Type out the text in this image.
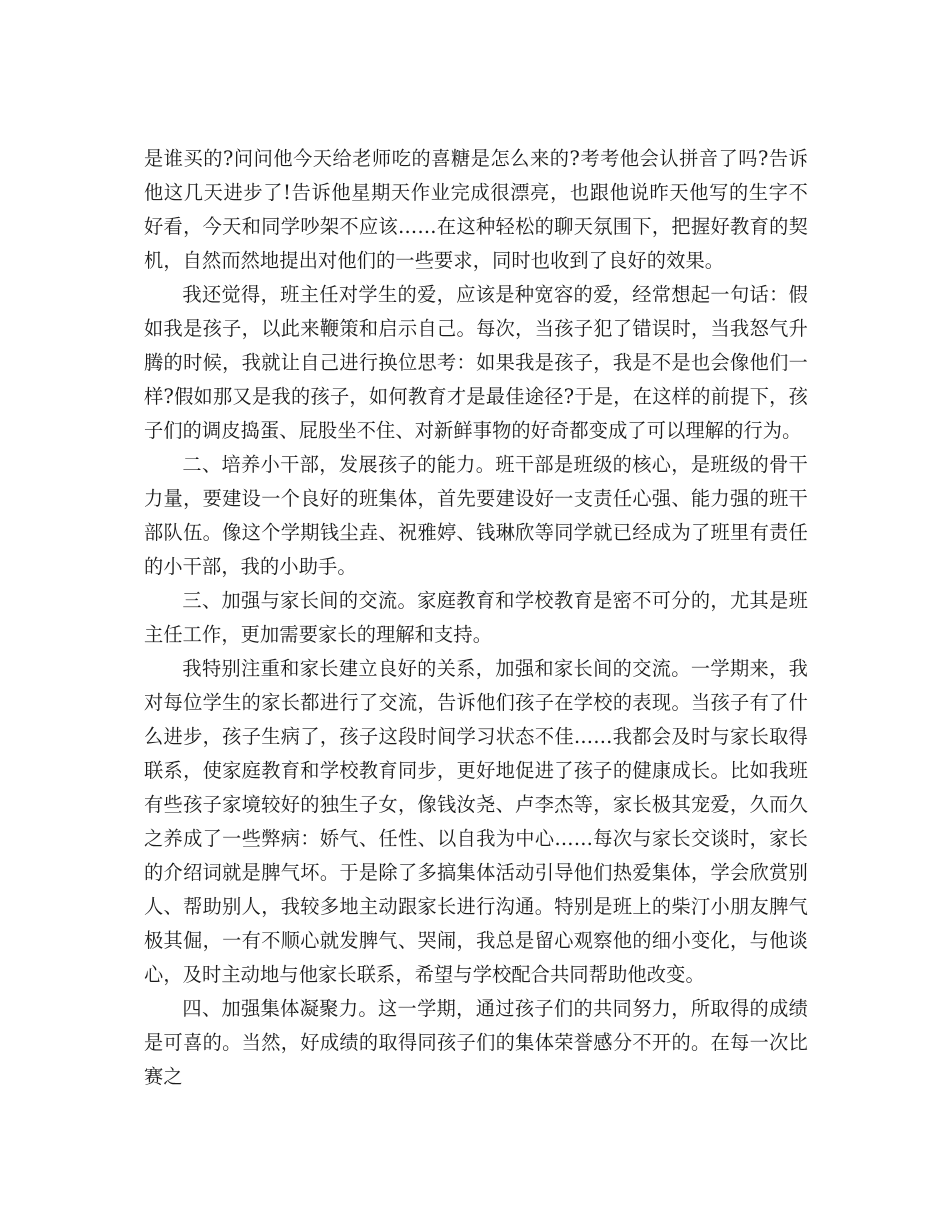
是谁买的?问问他今天给老师吃的喜糖是怎么来的?考考他会认拼音了吗?告诉他这几天进步了!告诉他星期天作业完成很漂亮，也跟他说昨天他写的生字不好看，今天和同学吵架不应该……在这种轻松的聊天氛围下，把握好教育的契机，自然而然地提出对他们的一些要求，同时也收到了良好的效果。

我还觉得，班主任对学生的爱，应该是种宽容的爱，经常想起一句话：假如我是孩子，以此来鞭策和启示自己。每次，当孩子犯了错误时，当我怒气升腾的时候，我就让自己进行换位思考：如果我是孩子，我是不是也会像他们一样?假如那又是我的孩子，如何教育才是最佳途径?于是，在这样的前提下，孩子们的调皮捣蛋、屁股坐不住、对新鲜事物的好奇都变成了可以理解的行为。

二、培养小干部，发展孩子的能力。班干部是班级的核心，是班级的骨干力量，要建设一个良好的班集体，首先要建设好一支责任心强、能力强的班干部队伍。像这个学期钱尘垚、祝雅婷、钱琳欣等同学就已经成为了班里有责任的小干部，我的小助手。

三、加强与家长间的交流。家庭教育和学校教育是密不可分的，尤其是班主任工作，更加需要家长的理解和支持。

我特别注重和家长建立良好的关系，加强和家长间的交流。一学期来，我对每位学生的家长都进行了交流，告诉他们孩子在学校的表现。当孩子有了什么进步，孩子生病了，孩子这段时间学习状态不佳……我都会及时与家长取得联系，使家庭教育和学校教育同步，更好地促进了孩子的健康成长。比如我班有些孩子家境较好的独生子女，像钱汝尧、卢李杰等，家长极其宠爱，久而久之养成了一些弊病：娇气、任性、以自我为中心……每次与家长交谈时，家长的介绍词就是脾气坏。于是除了多搞集体活动引导他们热爱集体，学会欣赏别人、帮助别人，我较多地主动跟家长进行沟通。特别是班上的柴汀小朋友脾气极其倔，一有不顺心就发脾气、哭闹，我总是留心观察他的细小变化，与他谈心，及时主动地与他家长联系，希望与学校配合共同帮助他改变。

四、加强集体凝聚力。这一学期，通过孩子们的共同努力，所取得的成绩是可喜的。当然，好成绩的取得同孩子们的集体荣誉感分不开的。在每一次比赛之
